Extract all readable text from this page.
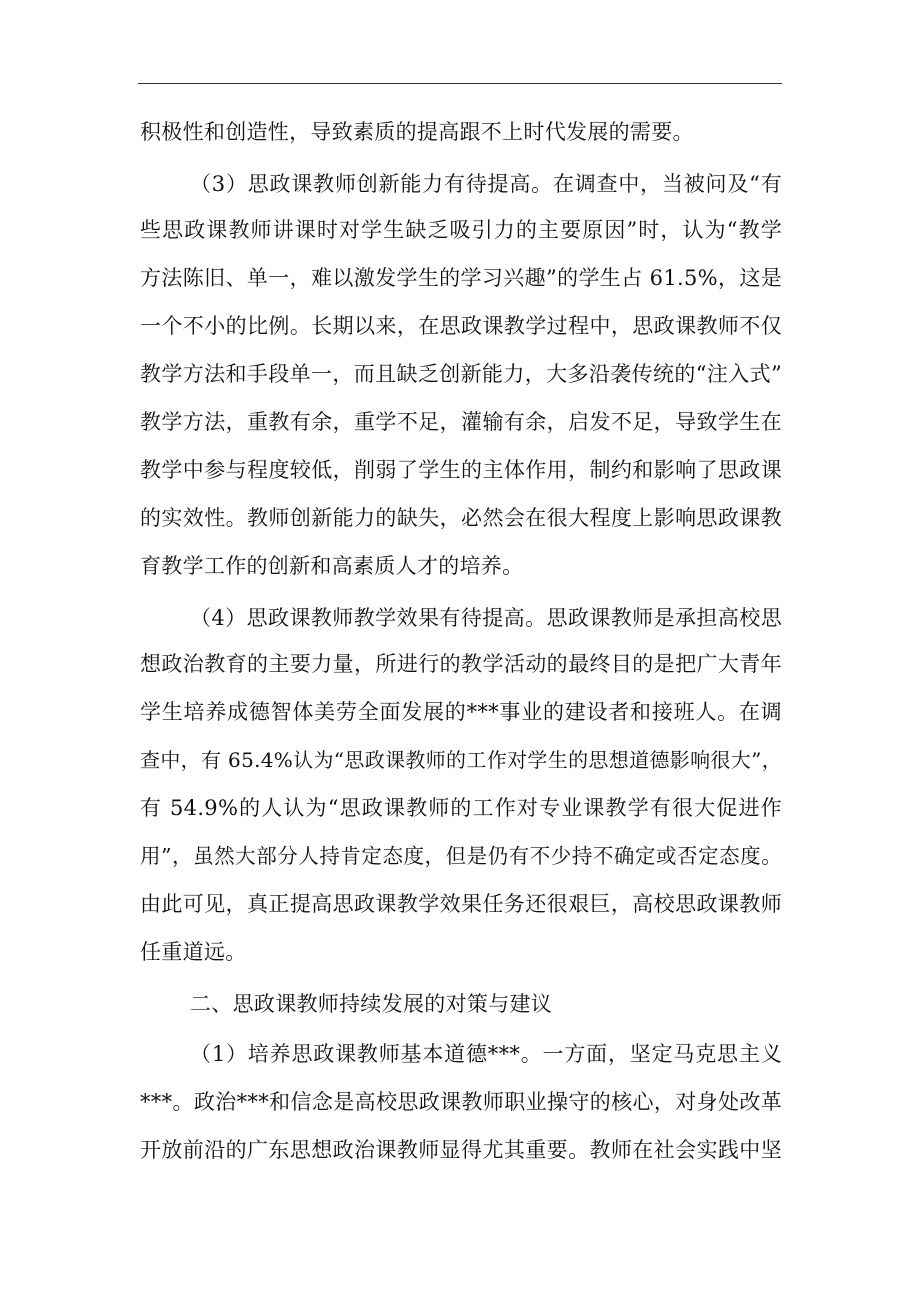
积极性和创造性，导致素质的提高跟不上时代发展的需要。
（3）思政课教师创新能力有待提高。在调查中，当被问及“有
些思政课教师讲课时对学生缺乏吸引力的主要原因”时，认为“教学
方法陈旧、单一，难以激发学生的学习兴趣”的学生占 61.5%，这是
一个不小的比例。长期以来，在思政课教学过程中，思政课教师不仅
教学方法和手段单一，而且缺乏创新能力，大多沿袭传统的“注入式”
教学方法，重教有余，重学不足，灌输有余，启发不足，导致学生在
教学中参与程度较低，削弱了学生的主体作用，制约和影响了思政课
的实效性。教师创新能力的缺失，必然会在很大程度上影响思政课教
育教学工作的创新和高素质人才的培养。
（4）思政课教师教学效果有待提高。思政课教师是承担高校思
想政治教育的主要力量，所进行的教学活动的最终目的是把广大青年
学生培养成德智体美劳全面发展的***事业的建设者和接班人。在调
查中，有 65.4%认为“思政课教师的工作对学生的思想道德影响很大”，
有 54.9%的人认为“思政课教师的工作对专业课教学有很大促进作
用”，虽然大部分人持肯定态度，但是仍有不少持不确定或否定态度。
由此可见，真正提高思政课教学效果任务还很艰巨，高校思政课教师
任重道远。
二、思政课教师持续发展的对策与建议
（1）培养思政课教师基本道德***。一方面，坚定马克思主义
***。政治***和信念是高校思政课教师职业操守的核心，对身处改革
开放前沿的广东思想政治课教师显得尤其重要。教师在社会实践中坚
